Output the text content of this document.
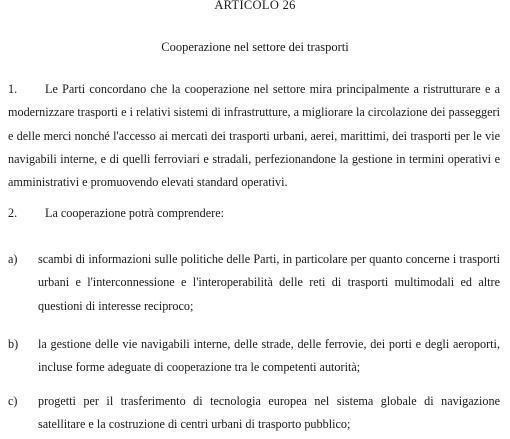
ARTICOLO 26
Cooperazione nel settore dei trasporti
1. Le Parti concordano che la cooperazione nel settore mira principalmente a ristrutturare e a modernizzare trasporti e i relativi sistemi di infrastrutture, a migliorare la circolazione dei passeggeri e delle merci nonché l'accesso ai mercati dei trasporti urbani, aerei, marittimi, dei trasporti per le vie navigabili interne, e di quelli ferroviari e stradali, perfezionandone la gestione in termini operativi e amministrativi e promuovendo elevati standard operativi.
2. La cooperazione potrà comprendere:
a) scambi di informazioni sulle politiche delle Parti, in particolare per quanto concerne i trasporti urbani e l'interconnessione e l'interoperabilità delle reti di trasporti multimodali ed altre questioni di interesse reciproco;
b) la gestione delle vie navigabili interne, delle strade, delle ferrovie, dei porti e degli aeroporti, incluse forme adeguate di cooperazione tra le competenti autorità;
c) progetti per il trasferimento di tecnologia europea nel sistema globale di navigazione satellitare e la costruzione di centri urbani di trasporto pubblico;
